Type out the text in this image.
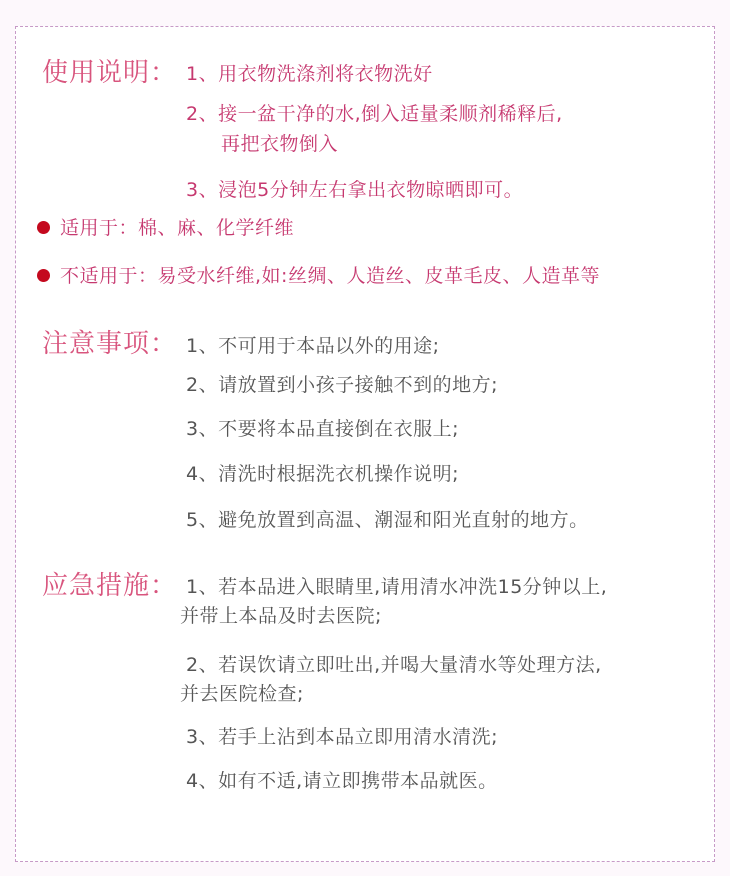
使用说明： 1、用衣物洗涤剂将衣物洗好
2、接一盆干净的水,倒入适量柔顺剂稀释后,
再把衣物倒入
3、浸泡5分钟左右拿出衣物晾晒即可。
适用于：棉、麻、化学纤维
不适用于：易受水纤维,如:丝绸、人造丝、皮革毛皮、人造革等
注意事项： 1、不可用于本品以外的用途;
2、请放置到小孩子接触不到的地方;
3、不要将本品直接倒在衣服上;
4、清洗时根据洗衣机操作说明;
5、避免放置到高温、潮湿和阳光直射的地方。
应急措施： 1、若本品进入眼睛里,请用清水冲洗15分钟以上,
并带上本品及时去医院;
2、若误饮请立即吐出,并喝大量清水等处理方法,
并去医院检查;
3、若手上沾到本品立即用清水清洗;
4、如有不适,请立即携带本品就医。
